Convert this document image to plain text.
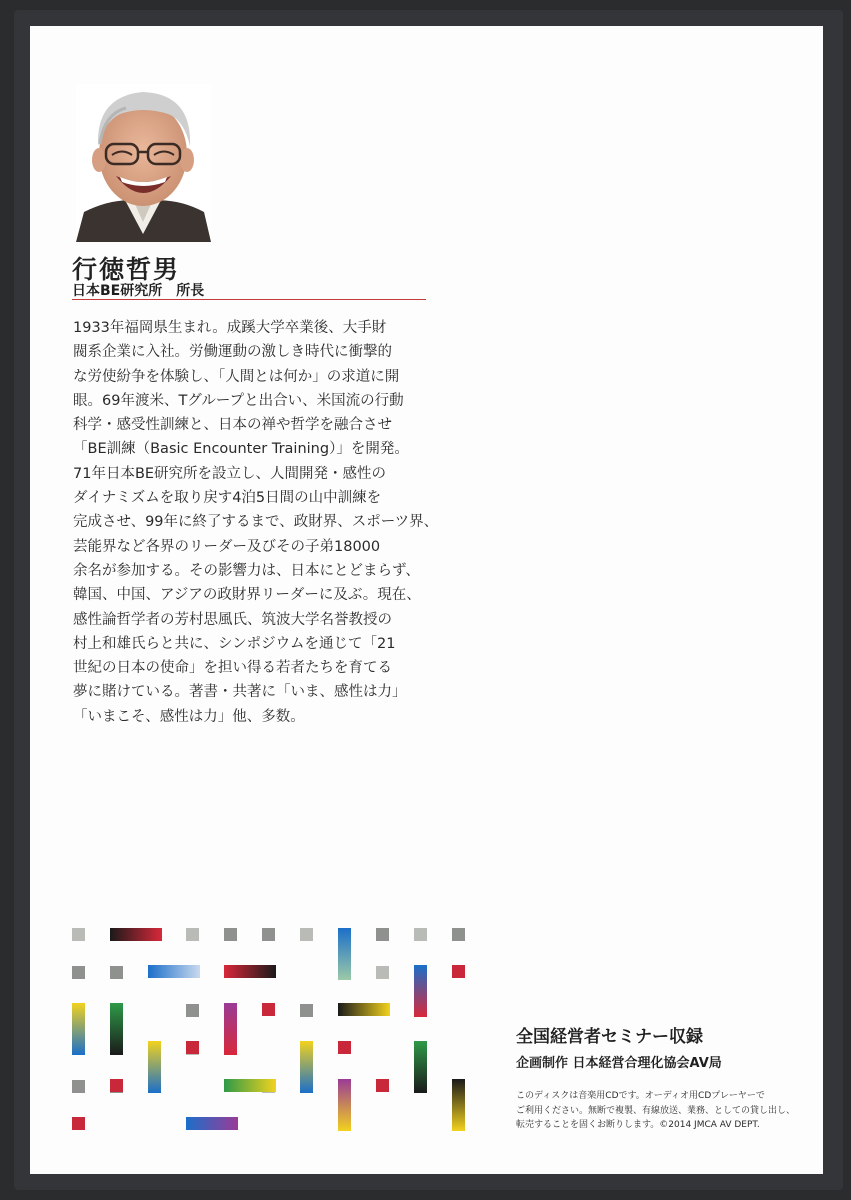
行徳哲男
日本BE研究所　所長
1933年福岡県生まれ。成蹊大学卒業後、大手財
閥系企業に入社。労働運動の激しき時代に衝撃的
な労使紛争を体験し、「人間とは何か」の求道に開
眼。69年渡米、Tグループと出合い、米国流の行動
科学・感受性訓練と、日本の禅や哲学を融合させ
「BE訓練（Basic Encounter Training）」を開発。
71年日本BE研究所を設立し、人間開発・感性の
ダイナミズムを取り戻す4泊5日間の山中訓練を
完成させ、99年に終了するまで、政財界、スポーツ界、
芸能界など各界のリーダー及びその子弟18000
余名が参加する。その影響力は、日本にとどまらず、
韓国、中国、アジアの政財界リーダーに及ぶ。現在、
感性論哲学者の芳村思風氏、筑波大学名誉教授の
村上和雄氏らと共に、シンポジウムを通じて「21
世紀の日本の使命」を担い得る若者たちを育てる
夢に賭けている。著書・共著に「いま、感性は力」
「いまこそ、感性は力」他、多数。
全国経営者セミナー収録
企画制作 日本経営合理化協会AV局
このディスクは音楽用CDです。オーディオ用CDプレーヤーで
ご利用ください。無断で複製、有線放送、業務、としての貸し出し、
転売することを固くお断りします。©2014 JMCA AV DEPT.
